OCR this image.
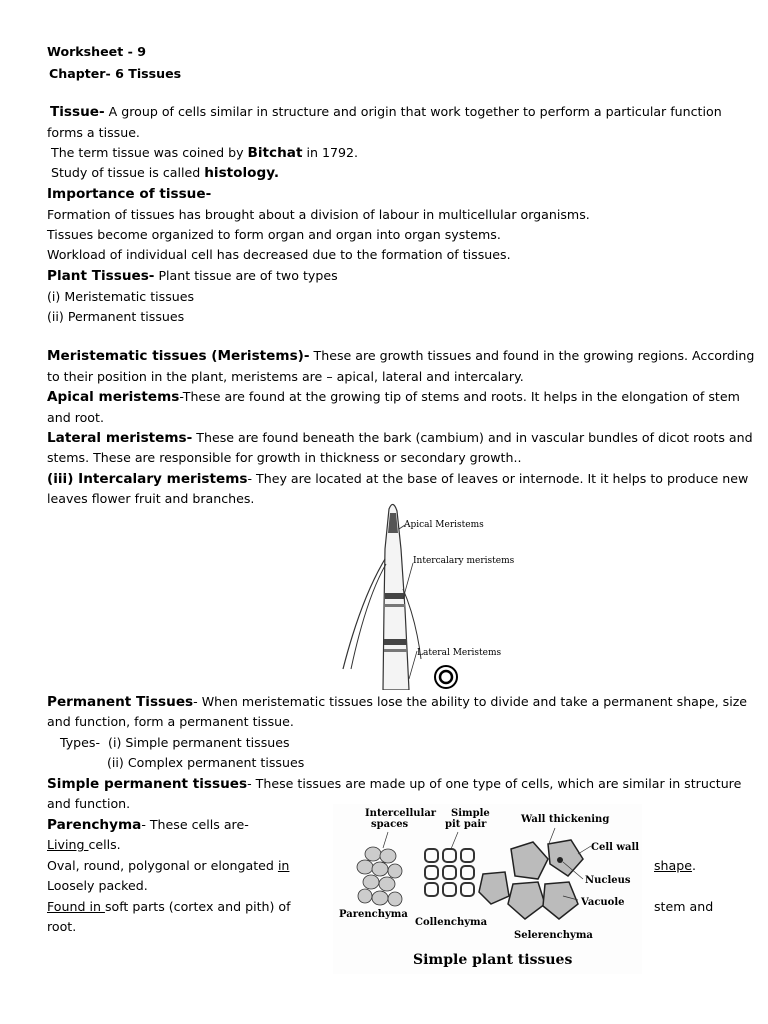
Worksheet - 9
Chapter- 6 Tissues
Tissue- A group of cells similar in structure and origin that work together to perform a particular function
forms a tissue.
The term tissue was coined by Bitchat in 1792.
Study of tissue is called histology.
Importance of tissue-
Formation of tissues has brought about a division of labour in multicellular organisms.
Tissues become organized to form organ and organ into organ systems.
Workload of individual cell has decreased due to the formation of tissues.
Plant Tissues- Plant tissue are of two types
(i) Meristematic tissues
(ii) Permanent tissues
Meristematic tissues (Meristems)- These are growth tissues and found in the growing regions. According
to their position in the plant, meristems are – apical, lateral and intercalary.
Apical meristems-These are found at the growing tip of stems and roots. It helps in the elongation of stem
and root.
Lateral meristems- These are found beneath the bark (cambium) and in vascular bundles of dicot roots and
stems. These are responsible for growth in thickness or secondary growth..
(iii) Intercalary meristems- They are located at the base of leaves or internode. It it helps to produce new
leaves flower fruit and branches.
Apical Meristems
Intercalary meristems
Lateral Meristems
Permanent Tissues- When meristematic tissues lose the ability to divide and take a permanent shape, size
and function, form a permanent tissue.
Types- (i) Simple permanent tissues
(ii) Complex permanent tissues
Simple permanent tissues- These tissues are made up of one type of cells, which are similar in structure
and function.
Parenchyma- These cells are-
Living cells.
Oval, round, polygonal or elongated in	shape.
Loosely packed.
Found in soft parts (cortex and pith) of	stem and
root.
Intercellular
spaces
Simple
pit pair	Wall thickening
Cell wall
Nucleus
Vacuole
Parenchyma
Collenchyma
Selerenchyma
Simple plant tissues
